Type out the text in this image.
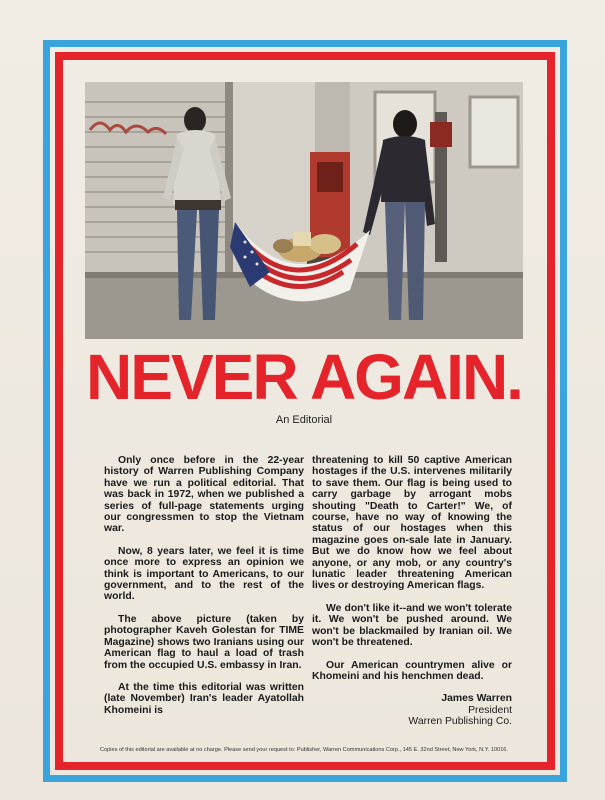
NEVER AGAIN.
An Editorial

Only once before in the 22-year history of Warren Publishing Company have we run a political editorial. That was back in 1972, when we published a series of full-page statements urging our congressmen to stop the Vietnam war.

Now, 8 years later, we feel it is time once more to express an opinion we think is important to Americans, to our government, and to the rest of the world.

The above picture (taken by photographer Kaveh Golestan for TIME Magazine) shows two Iranians using our American flag to haul a load of trash from the occupied U.S. embassy in Iran.

At the time this editorial was written (late November) Iran's leader Ayatollah Khomeini is

threatening to kill 50 captive American hostages if the U.S. intervenes militarily to save them. Our flag is being used to carry garbage by arrogant mobs shouting "Death to Carter!" We, of course, have no way of knowing the status of our hostages when this magazine goes on-sale late in January. But we do know how we feel about anyone, or any mob, or any country's lunatic leader threatening American lives or destroying American flags.

We don't like it--and we won't tolerate it. We won't be pushed around. We won't be blackmailed by Iranian oil. We won't be threatened.

Our American countrymen alive or Khomeini and his henchmen dead.

James Warren
President
Warren Publishing Co.
Copies of this editorial are available at no charge. Please send your request to: Publisher, Warren Communications Corp., 145 E. 32nd Street, New York, N.Y. 10016.
